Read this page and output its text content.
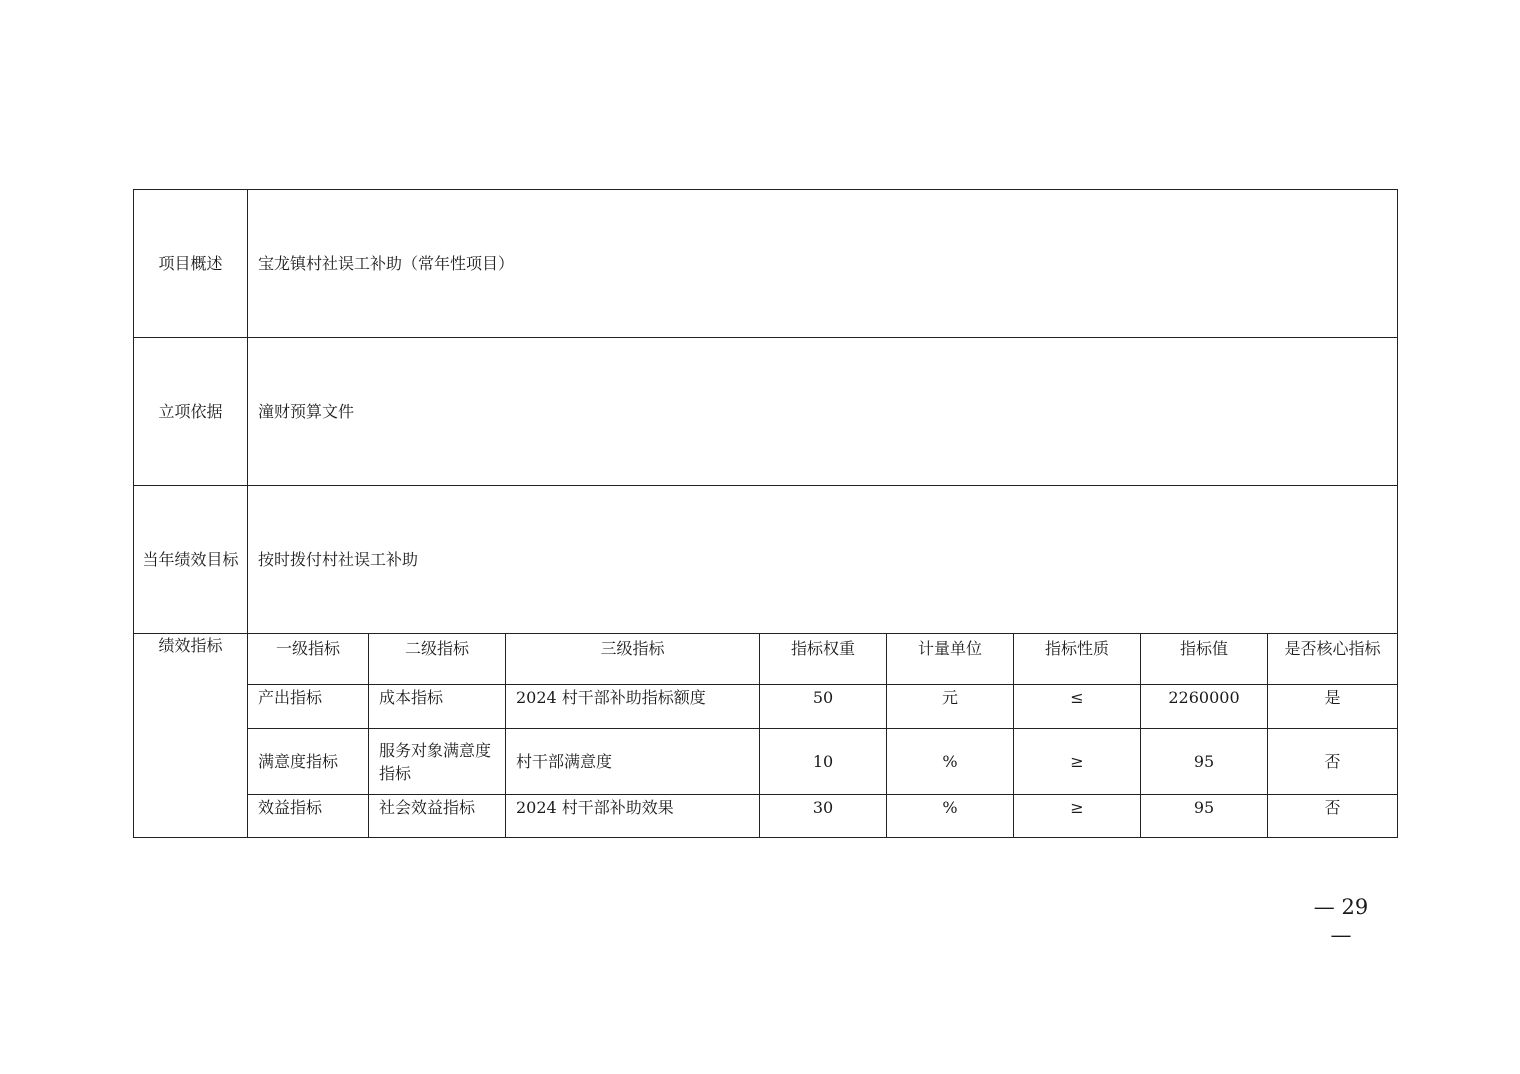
项目概述	宝龙镇村社误工补助（常年性项目）							
立项依据	潼财预算文件							
当年绩效目标	按时拨付村社误工补助							
绩效指标	一级指标	二级指标	三级指标	指标权重	计量单位	指标性质	指标值	是否核心指标
	产出指标	成本指标	2024 村干部补助指标额度	50	元	≤	2260000	是
	满意度指标	服务对象满意度指标	村干部满意度	10	%	≥	95	否
	效益指标	社会效益指标	2024 村干部补助效果	30	%	≥	95	否
— 29 —
